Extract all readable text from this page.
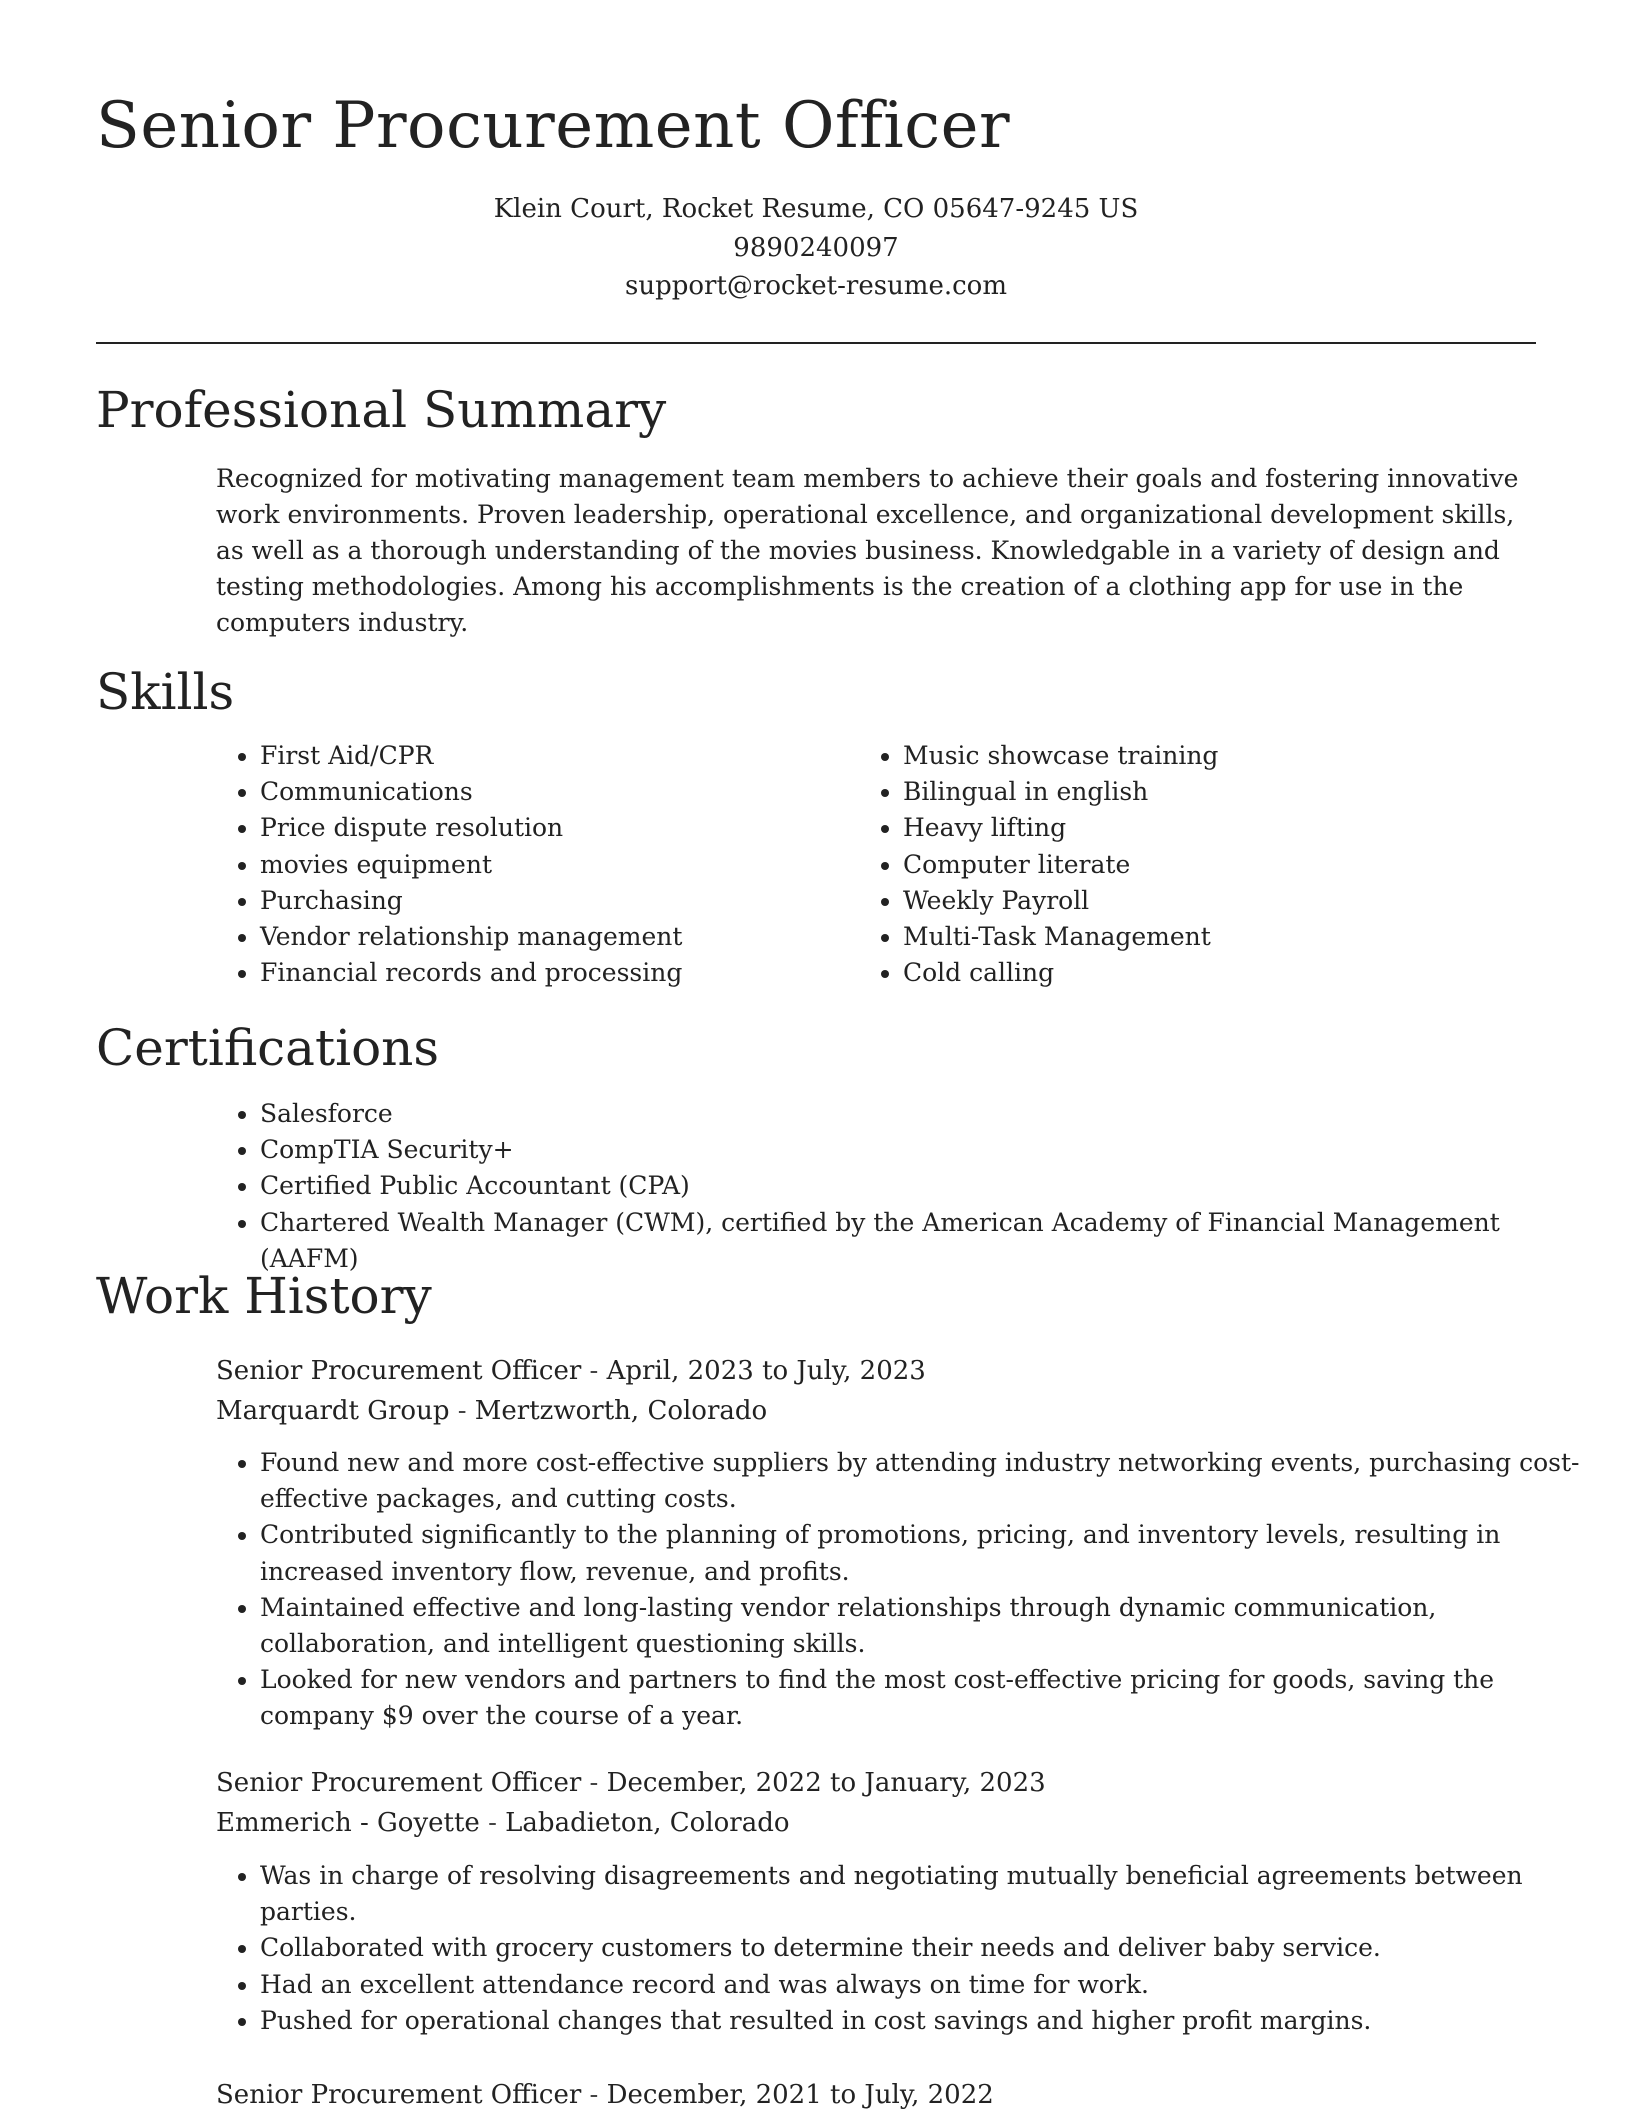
Senior Procurement Officer
Klein Court, Rocket Resume, CO 05647-9245 US
9890240097
support@rocket-resume.com
Professional Summary

Recognized for motivating management team members to achieve their goals and fostering innovative work environments. Proven leadership, operational excellence, and organizational development skills, as well as a thorough understanding of the movies business. Knowledgable in a variety of design and testing methodologies. Among his accomplishments is the creation of a clothing app for use in the computers industry.

Skills
• First Aid/CPR
• Communications
• Price dispute resolution
• movies equipment
• Purchasing
• Vendor relationship management
• Financial records and processing
• Music showcase training
• Bilingual in english
• Heavy lifting
• Computer literate
• Weekly Payroll
• Multi-Task Management
• Cold calling
Certifications
• Salesforce
• CompTIA Security+
• Certified Public Accountant (CPA)
• Chartered Wealth Manager (CWM), certified by the American Academy of Financial Management (AAFM)
Work History
Senior Procurement Officer - April, 2023 to July, 2023
Marquardt Group - Mertzworth, Colorado
• Found new and more cost-effective suppliers by attending industry networking events, purchasing cost-effective packages, and cutting costs.
• Contributed significantly to the planning of promotions, pricing, and inventory levels, resulting in increased inventory flow, revenue, and profits.
• Maintained effective and long-lasting vendor relationships through dynamic communication, collaboration, and intelligent questioning skills.
• Looked for new vendors and partners to find the most cost-effective pricing for goods, saving the company $9 over the course of a year.
Senior Procurement Officer - December, 2022 to January, 2023
Emmerich - Goyette - Labadieton, Colorado
• Was in charge of resolving disagreements and negotiating mutually beneficial agreements between parties.
• Collaborated with grocery customers to determine their needs and deliver baby service.
• Had an excellent attendance record and was always on time for work.
• Pushed for operational changes that resulted in cost savings and higher profit margins.
Senior Procurement Officer - December, 2021 to July, 2022
